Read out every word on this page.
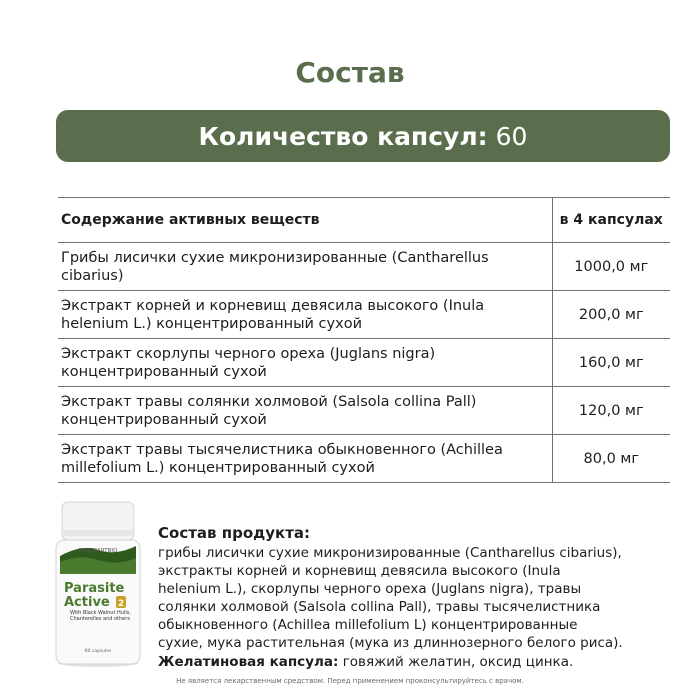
Состав
Количество капсул: 60
Содержание активных веществ	в 4 капсулах
Грибы лисички сухие микронизированные (Cantharellus cibarius)	1000,0 мг
Экстракт корней и корневищ девясила высокого (Inula helenium L.) концентрированный сухой	200,0 мг
Экстракт скорлупы черного ореха (Juglans nigra) концентрированный сухой	160,0 мг
Экстракт травы солянки холмовой (Salsola collina Pall) концентрированный сухой	120,0 мг
Экстракт травы тысячелистника обыкновенного (Achillea millefolium L.) концентрированный сухой	80,0 мг
RESTOARTBIO
Parasite
Active 2
With Black Walnut Hulls, Chanterelles and others
60 capsules
Состав продукта:
грибы лисички сухие микронизированные (Cantharellus cibarius), экстракты корней и корневищ девясила высокого (Inula helenium L.), скорлупы черного ореха (Juglans nigra), травы солянки холмовой (Salsola collina Pall), травы тысячелистника обыкновенного (Achillea millefolium L) концентрированные сухие, мука растительная (мука из длиннозерного белого риса).
Желатиновая капсула: говяжий желатин, оксид цинка.
Не является лекарственным средством. Перед применением проконсультируйтесь с врачом.
